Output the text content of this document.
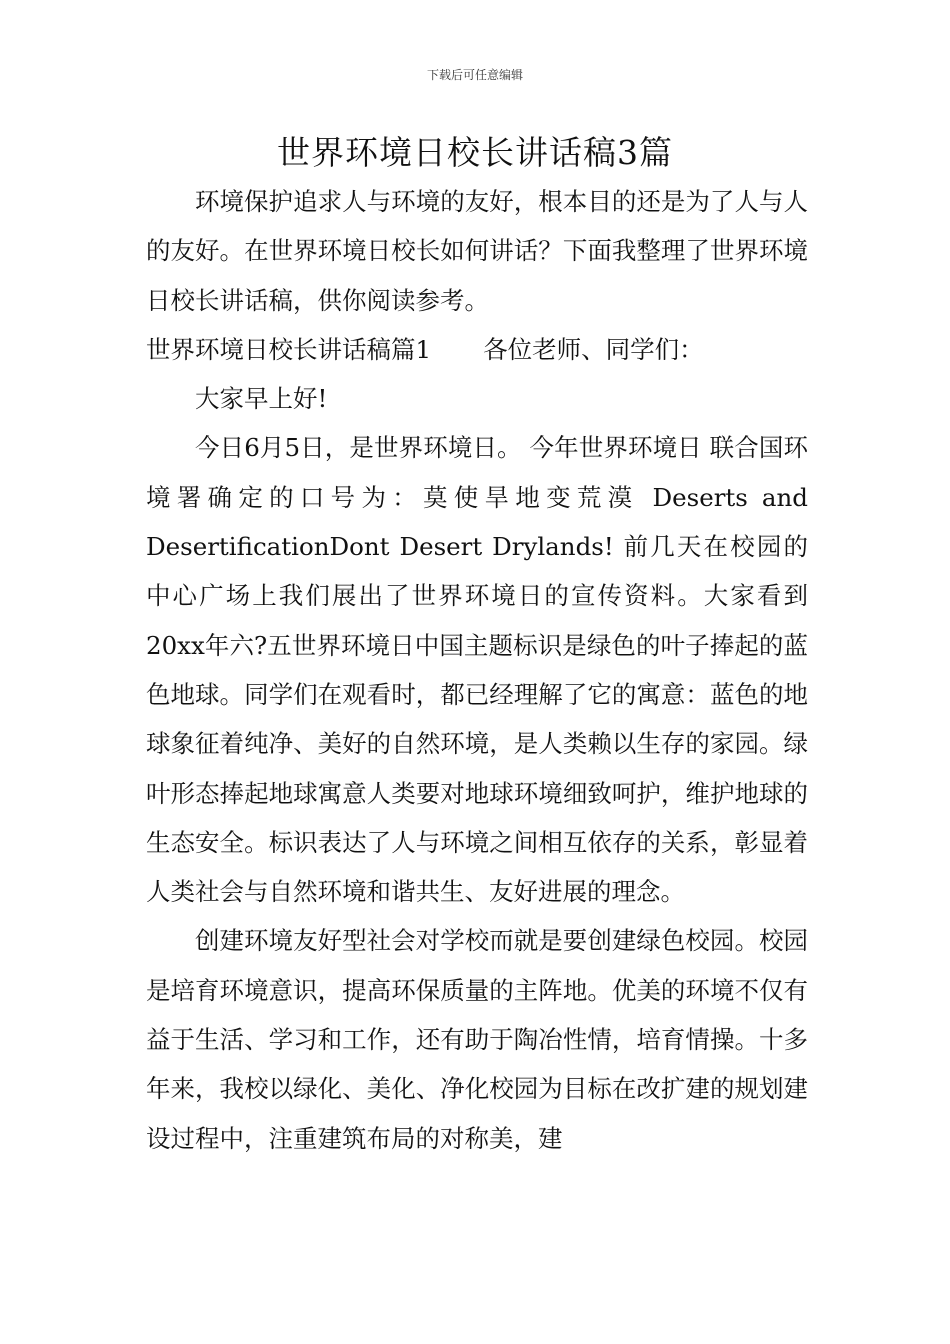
下载后可任意编辑
世界环境日校长讲话稿3篇

环境保护追求人与环境的友好，根本目的还是为了人与人的友好。在世界环境日校长如何讲话？下面我整理了世界环境日校长讲话稿，供你阅读参考。

世界环境日校长讲话稿篇1 各位老师、同学们：

大家早上好!

今日6月5日，是世界环境日。 今年世界环境日 联合国环境署确定的口号为：莫使旱地变荒漠 Deserts and DesertificationDont Desert Drylands! 前几天在校园的中心广场上我们展出了世界环境日的宣传资料。大家看到20xx年六?五世界环境日中国主题标识是绿色的叶子捧起的蓝色地球。同学们在观看时，都已经理解了它的寓意：蓝色的地球象征着纯净、美好的自然环境，是人类赖以生存的家园。绿叶形态捧起地球寓意人类要对地球环境细致呵护，维护地球的生态安全。标识表达了人与环境之间相互依存的关系，彰显着人类社会与自然环境和谐共生、友好进展的理念。

创建环境友好型社会对学校而就是要创建绿色校园。校园是培育环境意识，提高环保质量的主阵地。优美的环境不仅有益于生活、学习和工作，还有助于陶冶性情，培育情操。十多年来，我校以绿化、美化、净化校园为目标在改扩建的规划建设过程中，注重建筑布局的对称美，建
